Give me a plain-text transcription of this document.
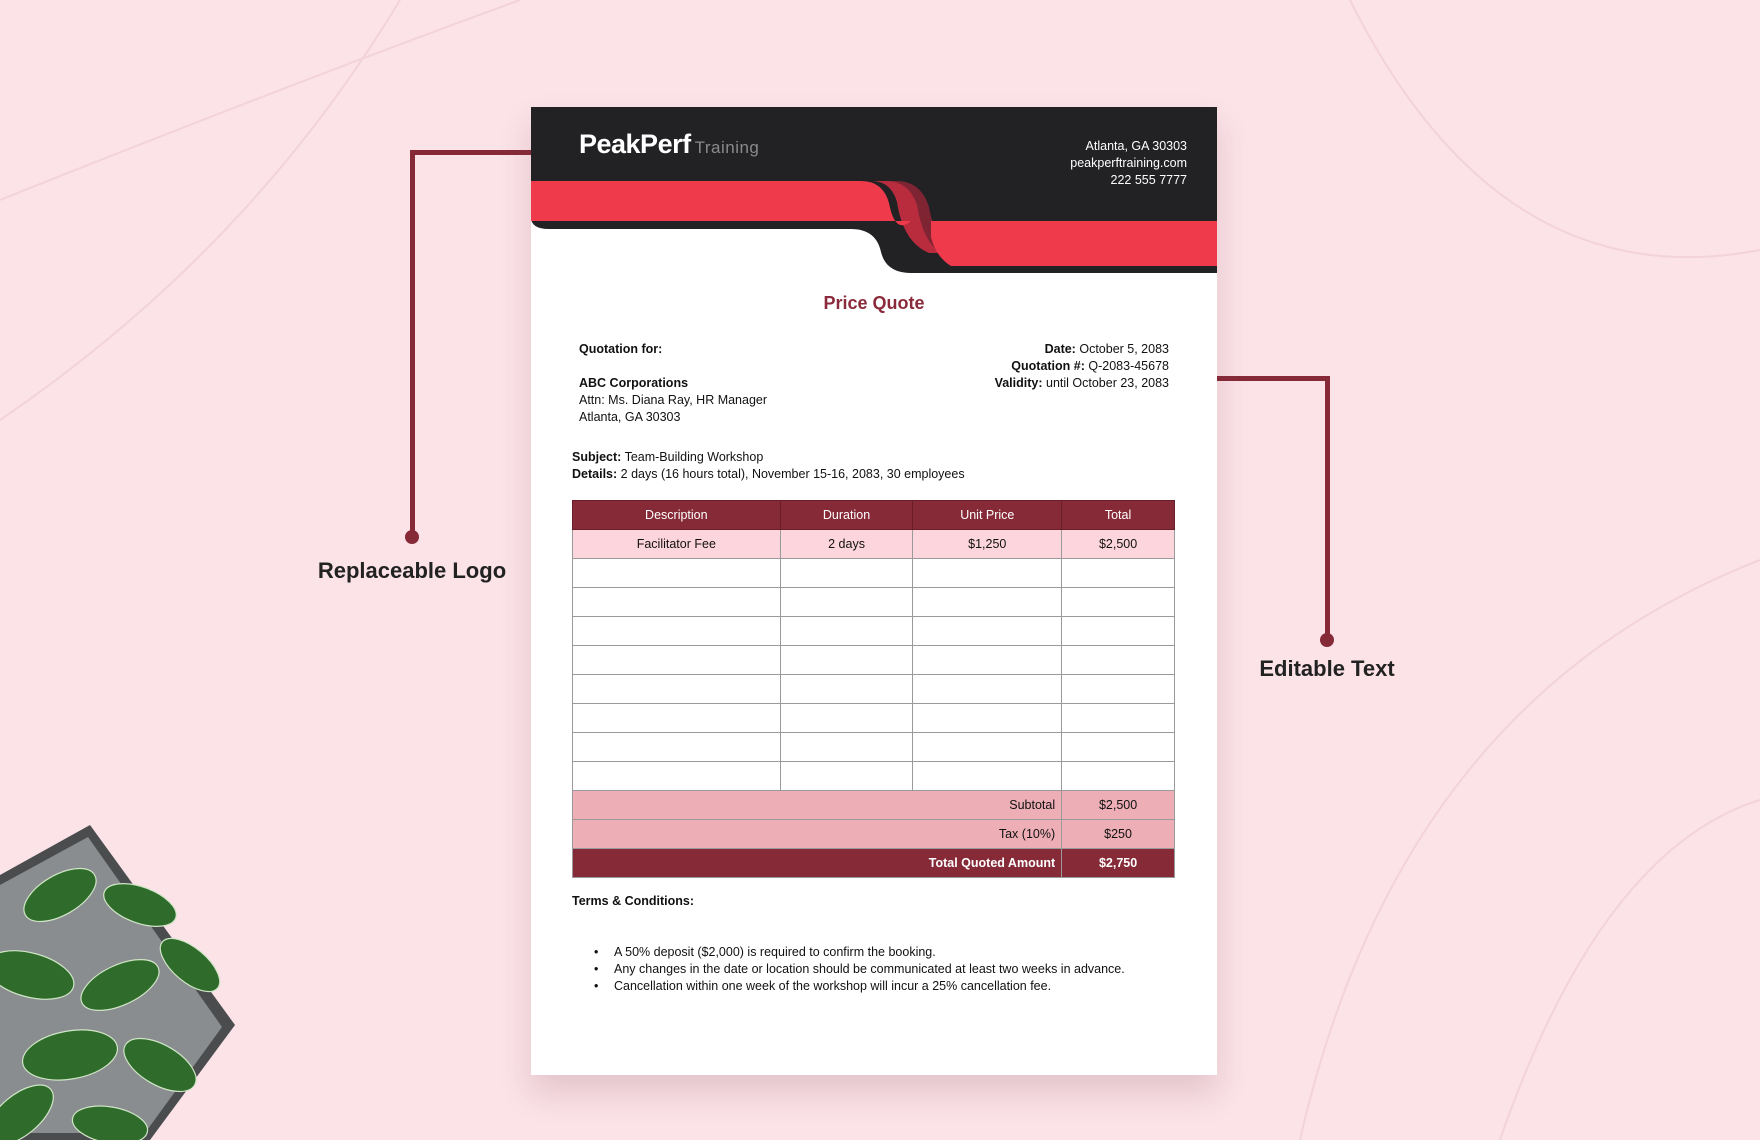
Replaceable Logo
Editable Text
PeakPerf Training	Atlanta, GA 30303
peakperftraining.com
222 555 7777
Price Quote
Quotation for:
ABC Corporations
Attn: Ms. Diana Ray, HR Manager
Atlanta, GA 30303
Date: October 5, 2083
Quotation #: Q-2083-45678
Validity: until October 23, 2083
Subject: Team-Building Workshop
Details: 2 days (16 hours total), November 15-16, 2083, 30 employees
Description	Duration	Unit Price	Total
Facilitator Fee	2 days	$1,250	$2,500

Subtotal			$2,500
Tax (10%)			$250
Total Quoted Amount			$2,750
Terms & Conditions:
• A 50% deposit ($2,000) is required to confirm the booking.
• Any changes in the date or location should be communicated at least two weeks in advance.
• Cancellation within one week of the workshop will incur a 25% cancellation fee.
